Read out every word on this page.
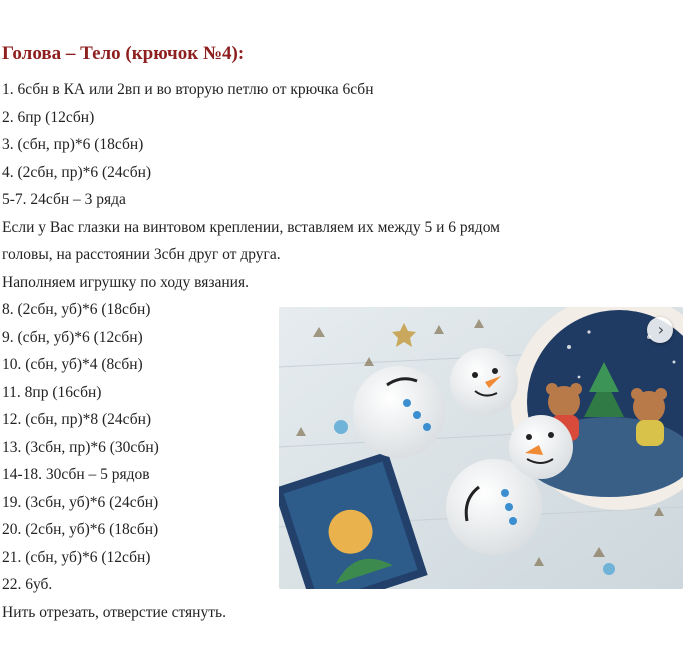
Голова – Тело (крючок №4):
1. 6сбн в КА или 2вп и во вторую петлю от крючка 6сбн
2. 6пр (12сбн)
3. (сбн, пр)*6 (18сбн)
4. (2сбн, пр)*6 (24сбн)
5-7. 24сбн – 3 ряда
Если у Вас глазки на винтовом креплении, вставляем их между 5 и 6 рядом
головы, на расстоянии 3сбн друг от друга.
Наполняем игрушку по ходу вязания.
8. (2сбн, уб)*6 (18сбн)
9. (сбн, уб)*6 (12сбн)
10. (сбн, уб)*4 (8сбн)
11. 8пр (16сбн)
12. (сбн, пр)*8 (24сбн)
13. (3сбн, пр)*6 (30сбн)
14-18. 30сбн – 5 рядов
19. (3сбн, уб)*6 (24сбн)
20. (2сбн, уб)*6 (18сбн)
21. (сбн, уб)*6 (12сбн)
22. 6уб.
Нить отрезать, отверстие стянуть.
›
